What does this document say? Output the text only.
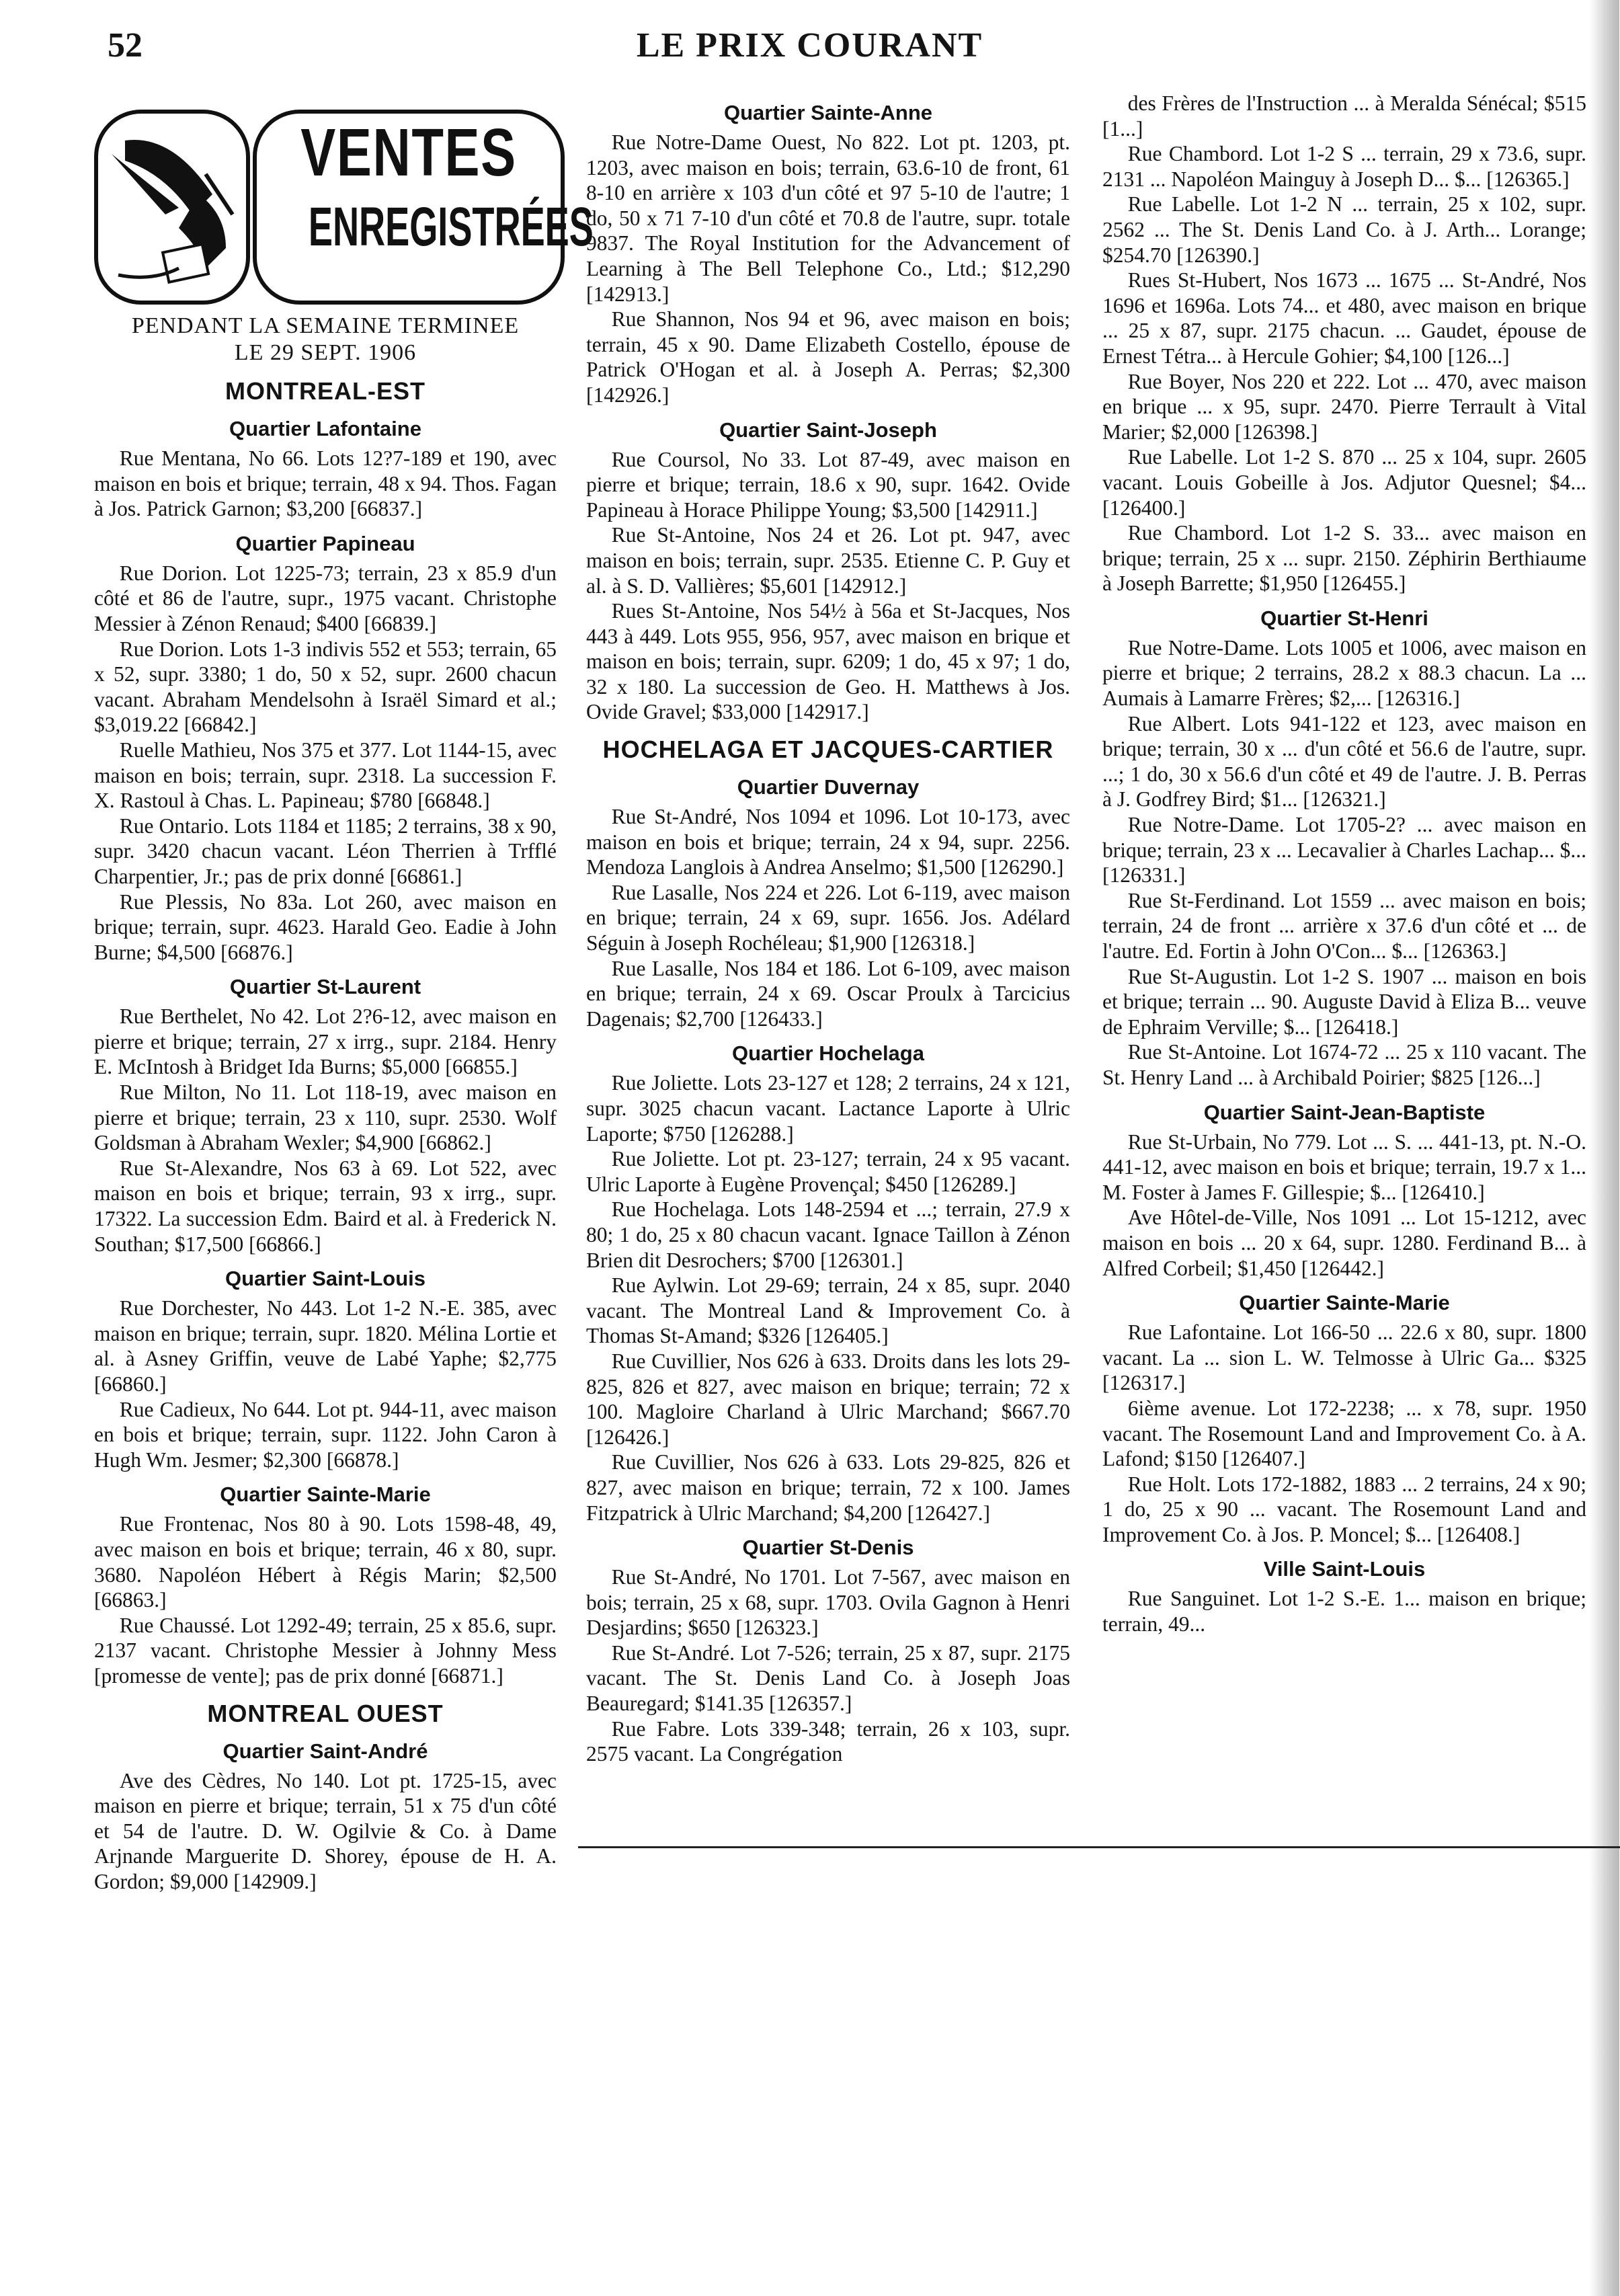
52	LE PRIX COURANT
VENTES
ENREGISTRÉES
PENDANT LA SEMAINE TERMINEE
LE 29 SEPT. 1906
MONTREAL-EST
Quartier Lafontaine

Rue Mentana, No 66. Lots 12?7-189 et 190, avec maison en bois et brique; terrain, 48 x 94. Thos. Fagan à Jos. Patrick Garnon; $3,200 [66837.]

Quartier Papineau

Rue Dorion. Lot 1225-73; terrain, 23 x 85.9 d'un côté et 86 de l'autre, supr., 1975 vacant. Christophe Messier à Zénon Renaud; $400 [66839.]

Rue Dorion. Lots 1-3 indivis 552 et 553; terrain, 65 x 52, supr. 3380; 1 do, 50 x 52, supr. 2600 chacun vacant. Abraham Mendelsohn à Israël Simard et al.; $3,019.22 [66842.]

Ruelle Mathieu, Nos 375 et 377. Lot 1144-15, avec maison en bois; terrain, supr. 2318. La succession F. X. Rastoul à Chas. L. Papineau; $780 [66848.]

Rue Ontario. Lots 1184 et 1185; 2 terrains, 38 x 90, supr. 3420 chacun vacant. Léon Therrien à Trfflé Charpentier, Jr.; pas de prix donné [66861.]

Rue Plessis, No 83a. Lot 260, avec maison en brique; terrain, supr. 4623. Harald Geo. Eadie à John Burne; $4,500 [66876.]

Quartier St-Laurent

Rue Berthelet, No 42. Lot 2?6-12, avec maison en pierre et brique; terrain, 27 x irrg., supr. 2184. Henry E. McIntosh à Bridget Ida Burns; $5,000 [66855.]

Rue Milton, No 11. Lot 118-19, avec maison en pierre et brique; terrain, 23 x 110, supr. 2530. Wolf Goldsman à Abraham Wexler; $4,900 [66862.]

Rue St-Alexandre, Nos 63 à 69. Lot 522, avec maison en bois et brique; terrain, 93 x irrg., supr. 17322. La succession Edm. Baird et al. à Frederick N. Southan; $17,500 [66866.]

Quartier Saint-Louis

Rue Dorchester, No 443. Lot 1-2 N.-E. 385, avec maison en brique; terrain, supr. 1820. Mélina Lortie et al. à Asney Griffin, veuve de Labé Yaphe; $2,775 [66860.]

Rue Cadieux, No 644. Lot pt. 944-11, avec maison en bois et brique; terrain, supr. 1122. John Caron à Hugh Wm. Jesmer; $2,300 [66878.]

Quartier Sainte-Marie

Rue Frontenac, Nos 80 à 90. Lots 1598-48, 49, avec maison en bois et brique; terrain, 46 x 80, supr. 3680. Napoléon Hébert à Régis Marin; $2,500 [66863.]

Rue Chaussé. Lot 1292-49; terrain, 25 x 85.6, supr. 2137 vacant. Christophe Messier à Johnny Mess [promesse de vente]; pas de prix donné [66871.]

MONTREAL OUEST
Quartier Saint-André

Ave des Cèdres, No 140. Lot pt. 1725-15, avec maison en pierre et brique; terrain, 51 x 75 d'un côté et 54 de l'autre. D. W. Ogilvie & Co. à Dame Arjnande Marguerite D. Shorey, épouse de H. A. Gordon; $9,000 [142909.]

Quartier Sainte-Anne

Rue Notre-Dame Ouest, No 822. Lot pt. 1203, pt. 1203, avec maison en bois; terrain, 63.6-10 de front, 61 8-10 en arrière x 103 d'un côté et 97 5-10 de l'autre; 1 do, 50 x 71 7-10 d'un côté et 70.8 de l'autre, supr. totale 9837. The Royal Institution for the Advancement of Learning à The Bell Telephone Co., Ltd.; $12,290 [142913.]

Rue Shannon, Nos 94 et 96, avec maison en bois; terrain, 45 x 90. Dame Elizabeth Costello, épouse de Patrick O'Hogan et al. à Joseph A. Perras; $2,300 [142926.]

Quartier Saint-Joseph

Rue Coursol, No 33. Lot 87-49, avec maison en pierre et brique; terrain, 18.6 x 90, supr. 1642. Ovide Papineau à Horace Philippe Young; $3,500 [142911.]

Rue St-Antoine, Nos 24 et 26. Lot pt. 947, avec maison en bois; terrain, supr. 2535. Etienne C. P. Guy et al. à S. D. Vallières; $5,601 [142912.]

Rues St-Antoine, Nos 54½ à 56a et St-Jacques, Nos 443 à 449. Lots 955, 956, 957, avec maison en brique et maison en bois; terrain, supr. 6209; 1 do, 45 x 97; 1 do, 32 x 180. La succession de Geo. H. Matthews à Jos. Ovide Gravel; $33,000 [142917.]

HOCHELAGA ET JACQUES-CARTIER
Quartier Duvernay

Rue St-André, Nos 1094 et 1096. Lot 10-173, avec maison en bois et brique; terrain, 24 x 94, supr. 2256. Mendoza Langlois à Andrea Anselmo; $1,500 [126290.]

Rue Lasalle, Nos 224 et 226. Lot 6-119, avec maison en brique; terrain, 24 x 69, supr. 1656. Jos. Adélard Séguin à Joseph Rochéleau; $1,900 [126318.]

Rue Lasalle, Nos 184 et 186. Lot 6-109, avec maison en brique; terrain, 24 x 69. Oscar Proulx à Tarcicius Dagenais; $2,700 [126433.]

Quartier Hochelaga

Rue Joliette. Lots 23-127 et 128; 2 terrains, 24 x 121, supr. 3025 chacun vacant. Lactance Laporte à Ulric Laporte; $750 [126288.]

Rue Joliette. Lot pt. 23-127; terrain, 24 x 95 vacant. Ulric Laporte à Eugène Provençal; $450 [126289.]

Rue Hochelaga. Lots 148-2594 et ...; terrain, 27.9 x 80; 1 do, 25 x 80 chacun vacant. Ignace Taillon à Zénon Brien dit Desrochers; $700 [126301.]

Rue Aylwin. Lot 29-69; terrain, 24 x 85, supr. 2040 vacant. The Montreal Land & Improvement Co. à Thomas St-Amand; $326 [126405.]

Rue Cuvillier, Nos 626 à 633. Droits dans les lots 29-825, 826 et 827, avec maison en brique; terrain; 72 x 100. Magloire Charland à Ulric Marchand; $667.70 [126426.]

Rue Cuvillier, Nos 626 à 633. Lots 29-825, 826 et 827, avec maison en brique; terrain, 72 x 100. James Fitzpatrick à Ulric Marchand; $4,200 [126427.]

Quartier St-Denis

Rue St-André, No 1701. Lot 7-567, avec maison en bois; terrain, 25 x 68, supr. 1703. Ovila Gagnon à Henri Desjardins; $650 [126323.]

Rue St-André. Lot 7-526; terrain, 25 x 87, supr. 2175 vacant. The St. Denis Land Co. à Joseph Joas Beauregard; $141.35 [126357.]

Rue Fabre. Lots 339-348; terrain, 26 x 103, supr. 2575 vacant. La Congrégation

des Frères de l'Instruction ... à Meralda Sénécal; $515 [1...]

Rue Chambord. Lot 1-2 S ... terrain, 29 x 73.6, supr. 2131 ... Napoléon Mainguy à Joseph D... $... [126365.]

Rue Labelle. Lot 1-2 N ... terrain, 25 x 102, supr. 2562 ... The St. Denis Land Co. à J. Arth... Lorange; $254.70 [126390.]

Rues St-Hubert, Nos 1673 ... 1675 ... St-André, Nos 1696 et 1696a. Lots 74... et 480, avec maison en brique ... 25 x 87, supr. 2175 chacun. ... Gaudet, épouse de Ernest Tétra... à Hercule Gohier; $4,100 [126...]

Rue Boyer, Nos 220 et 222. Lot ... 470, avec maison en brique ... x 95, supr. 2470. Pierre Terrault à Vital Marier; $2,000 [126398.]

Rue Labelle. Lot 1-2 S. 870 ... 25 x 104, supr. 2605 vacant. Louis Gobeille à Jos. Adjutor Quesnel; $4... [126400.]

Rue Chambord. Lot 1-2 S. 33... avec maison en brique; terrain, 25 x ... supr. 2150. Zéphirin Berthiaume à Joseph Barrette; $1,950 [126455.]

Quartier St-Henri

Rue Notre-Dame. Lots 1005 et 1006, avec maison en pierre et brique; 2 terrains, 28.2 x 88.3 chacun. La ... Aumais à Lamarre Frères; $2,... [126316.]

Rue Albert. Lots 941-122 et 123, avec maison en brique; terrain, 30 x ... d'un côté et 56.6 de l'autre, supr. ...; 1 do, 30 x 56.6 d'un côté et 49 de l'autre. J. B. Perras à J. Godfrey Bird; $1... [126321.]

Rue Notre-Dame. Lot 1705-2? ... avec maison en brique; terrain, 23 x ... Lecavalier à Charles Lachap... $... [126331.]

Rue St-Ferdinand. Lot 1559 ... avec maison en bois; terrain, 24 de front ... arrière x 37.6 d'un côté et ... de l'autre. Ed. Fortin à John O'Con... $... [126363.]

Rue St-Augustin. Lot 1-2 S. 1907 ... maison en bois et brique; terrain ... 90. Auguste David à Eliza B... veuve de Ephraim Verville; $... [126418.]

Rue St-Antoine. Lot 1674-72 ... 25 x 110 vacant. The St. Henry Land ... à Archibald Poirier; $825 [126...]

Quartier Saint-Jean-Baptiste

Rue St-Urbain, No 779. Lot ... S. ... 441-13, pt. N.-O. 441-12, avec maison en bois et brique; terrain, 19.7 x 1... M. Foster à James F. Gillespie; $... [126410.]

Ave Hôtel-de-Ville, Nos 1091 ... Lot 15-1212, avec maison en bois ... 20 x 64, supr. 1280. Ferdinand B... à Alfred Corbeil; $1,450 [126442.]

Quartier Sainte-Marie

Rue Lafontaine. Lot 166-50 ... 22.6 x 80, supr. 1800 vacant. La ... sion L. W. Telmosse à Ulric Ga... $325 [126317.]

6ième avenue. Lot 172-2238; ... x 78, supr. 1950 vacant. The Rosemount Land and Improvement Co. à A. Lafond; $150 [126407.]

Rue Holt. Lots 172-1882, 1883 ... 2 terrains, 24 x 90; 1 do, 25 x 90 ... vacant. The Rosemount Land and Improvement Co. à Jos. P. Moncel; $... [126408.]

Ville Saint-Louis

Rue Sanguinet. Lot 1-2 S.-E. 1... maison en brique; terrain, 49...
